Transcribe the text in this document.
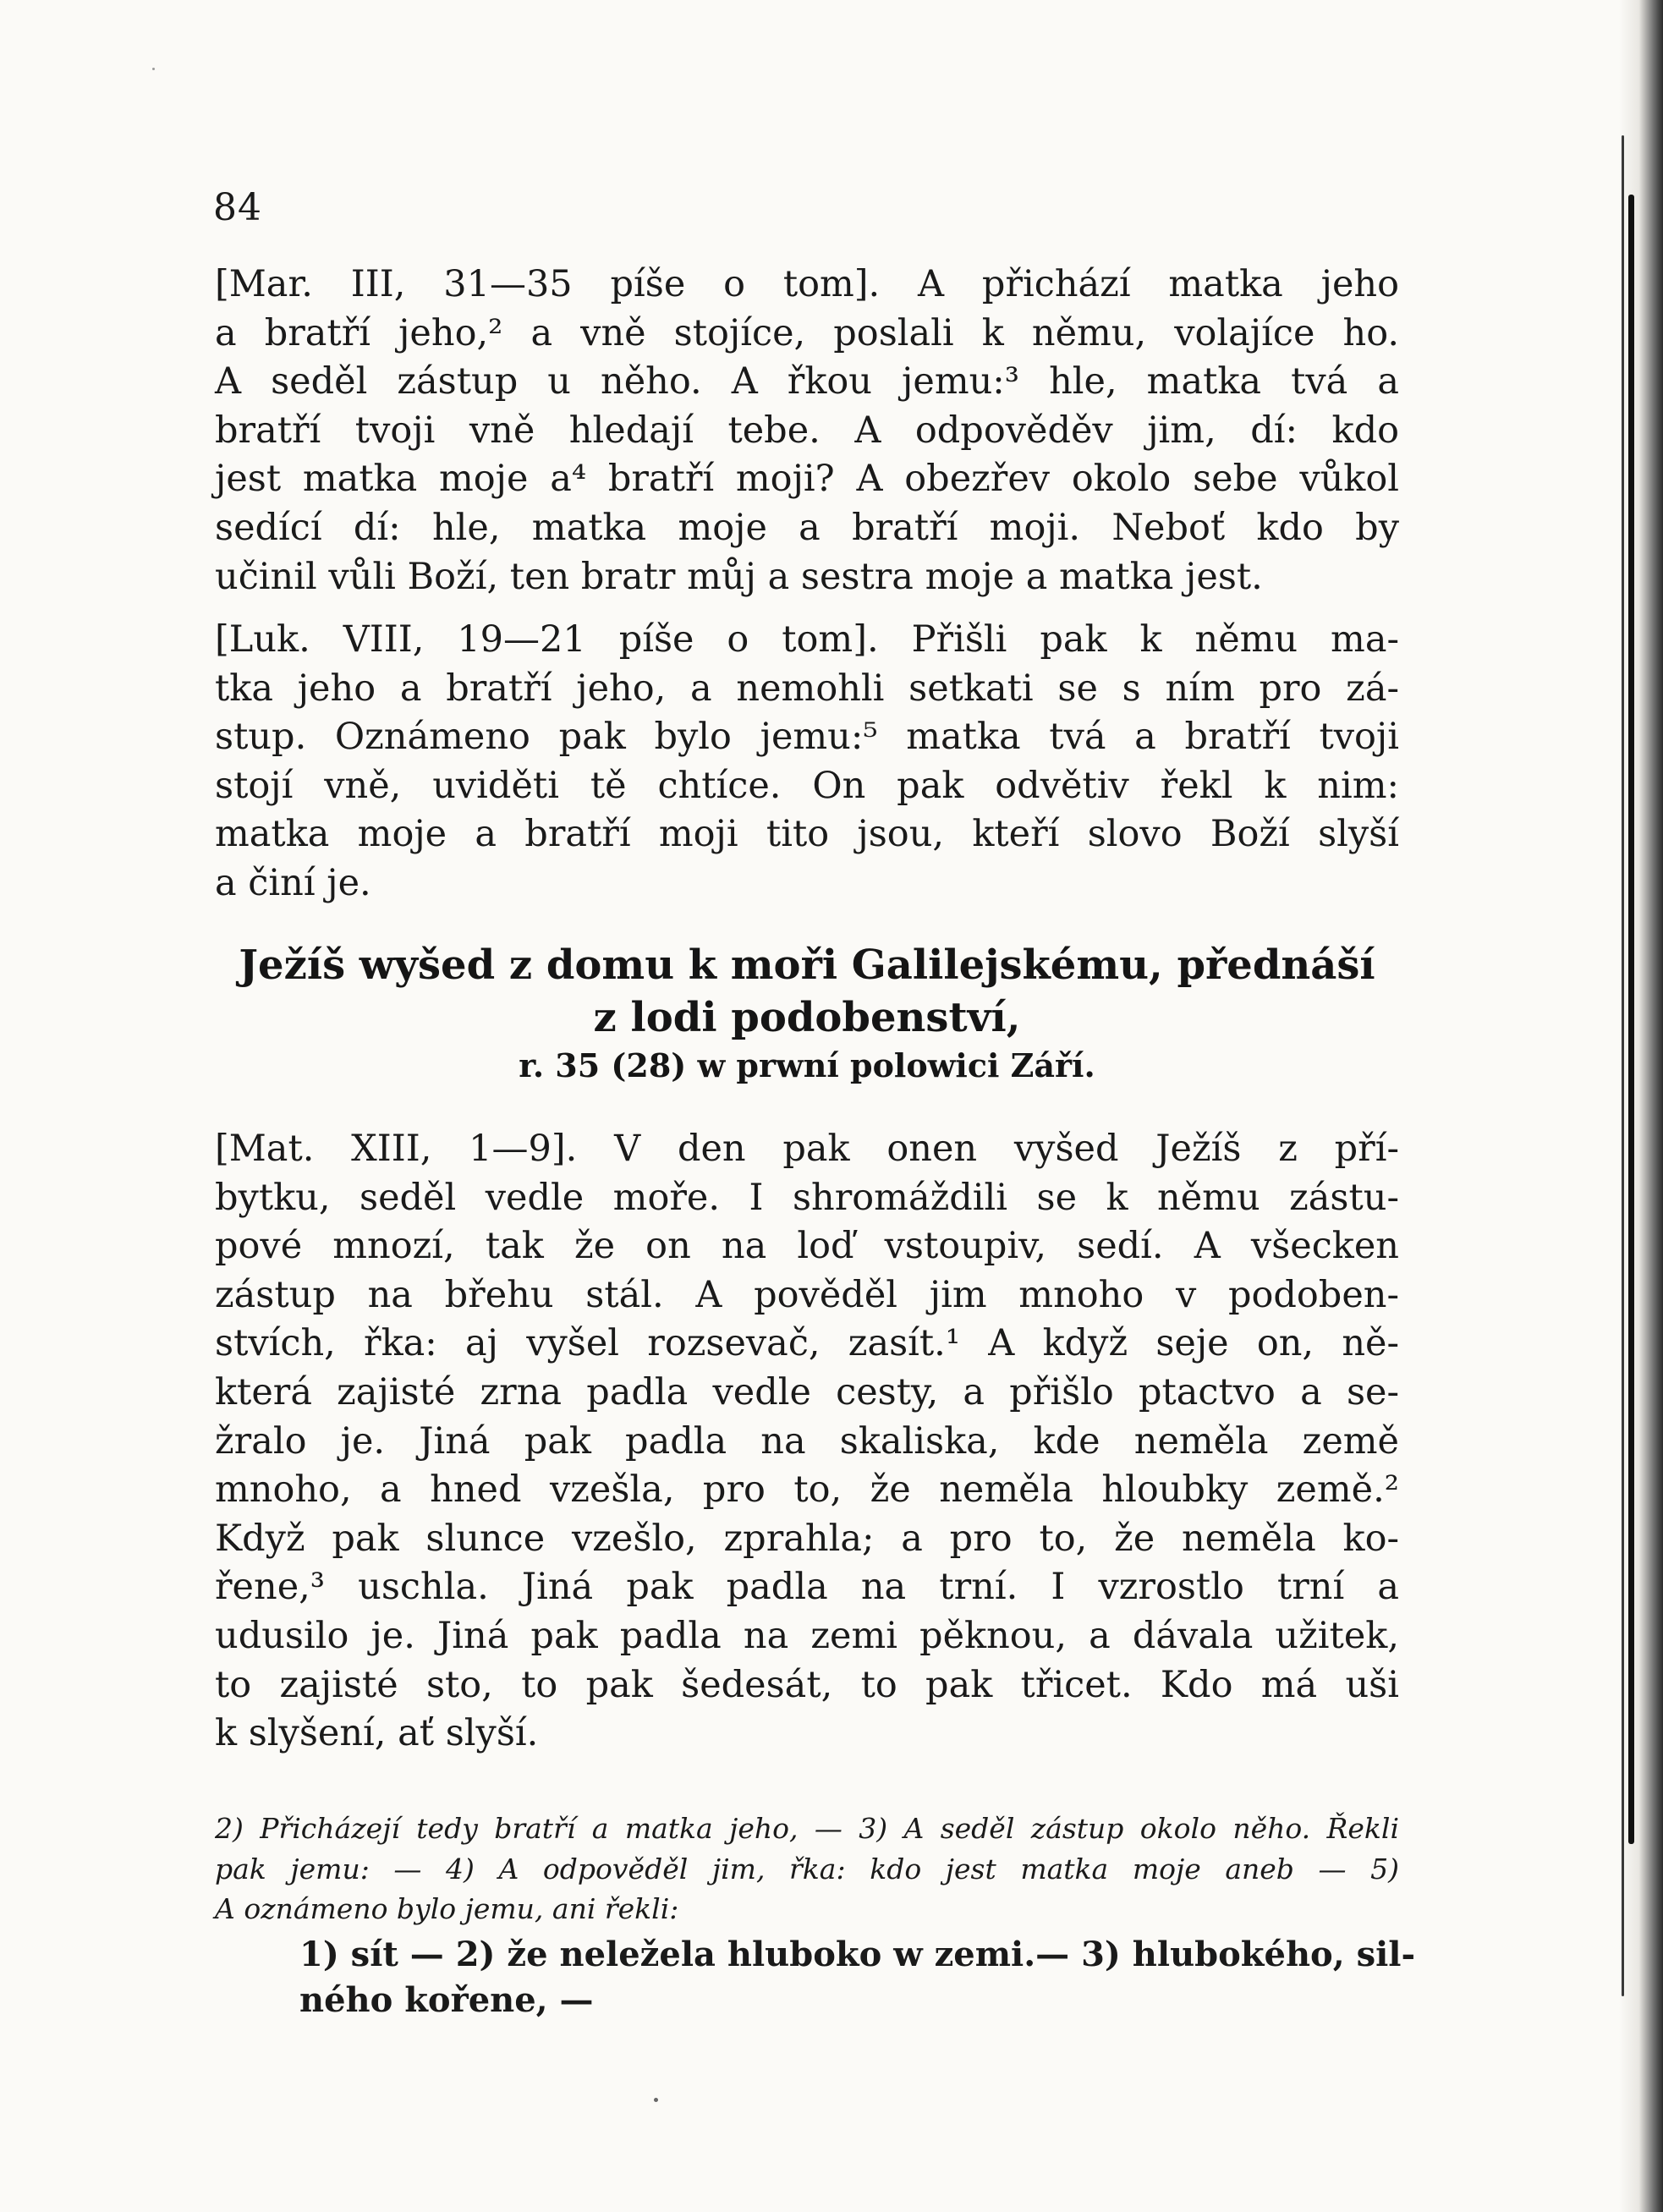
84
[Mar. III, 31—35 píše o tom]. A přichází matka jeho
a bratří jeho,² a vně stojíce, poslali k němu, volajíce ho.
A seděl zástup u něho. A řkou jemu:³ hle, matka tvá a
bratří tvoji vně hledají tebe. A odpověděv jim, dí: kdo
jest matka moje a⁴ bratří moji? A obezřev okolo sebe vůkol
sedící dí: hle, matka moje a bratří moji. Neboť kdo by
učinil vůli Boží, ten bratr můj a sestra moje a matka jest.
[Luk. VIII, 19—21 píše o tom]. Přišli pak k němu ma-
tka jeho a bratří jeho, a nemohli setkati se s ním pro zá-
stup. Oznámeno pak bylo jemu:⁵ matka tvá a bratří tvoji
stojí vně, uviděti tě chtíce. On pak odvětiv řekl k nim:
matka moje a bratří moji tito jsou, kteří slovo Boží slyší
a činí je.
Ježíš wyšed z domu k moři Galilejskému, přednáší
z lodi podobenství,
r. 35 (28) w prwní polowici Září.
[Mat. XIII, 1—9]. V den pak onen vyšed Ježíš z pří-
bytku, seděl vedle moře. I shromáždili se k němu zástu-
pové mnozí, tak že on na loď vstoupiv, sedí. A všecken
zástup na břehu stál. A pověděl jim mnoho v podoben-
stvích, řka: aj vyšel rozsevač, zasít.¹ A když seje on, ně-
která zajisté zrna padla vedle cesty, a přišlo ptactvo a se-
žralo je. Jiná pak padla na skaliska, kde neměla země
mnoho, a hned vzešla, pro to, že neměla hloubky země.²
Když pak slunce vzešlo, zprahla; a pro to, že neměla ko-
řene,³ uschla. Jiná pak padla na trní. I vzrostlo trní a
udusilo je. Jiná pak padla na zemi pěknou, a dávala užitek,
to zajisté sto, to pak šedesát, to pak třicet. Kdo má uši
k slyšení, ať slyší.
2) Přicházejí tedy bratří a matka jeho, — 3) A seděl zástup okolo něho. Řekli
pak jemu: — 4) A odpověděl jim, řka: kdo jest matka moje aneb — 5)
A oznámeno bylo jemu, ani řekli:
1) sít — 2) že neležela hluboko w zemi.— 3) hlubokého, sil-
ného kořene, —
